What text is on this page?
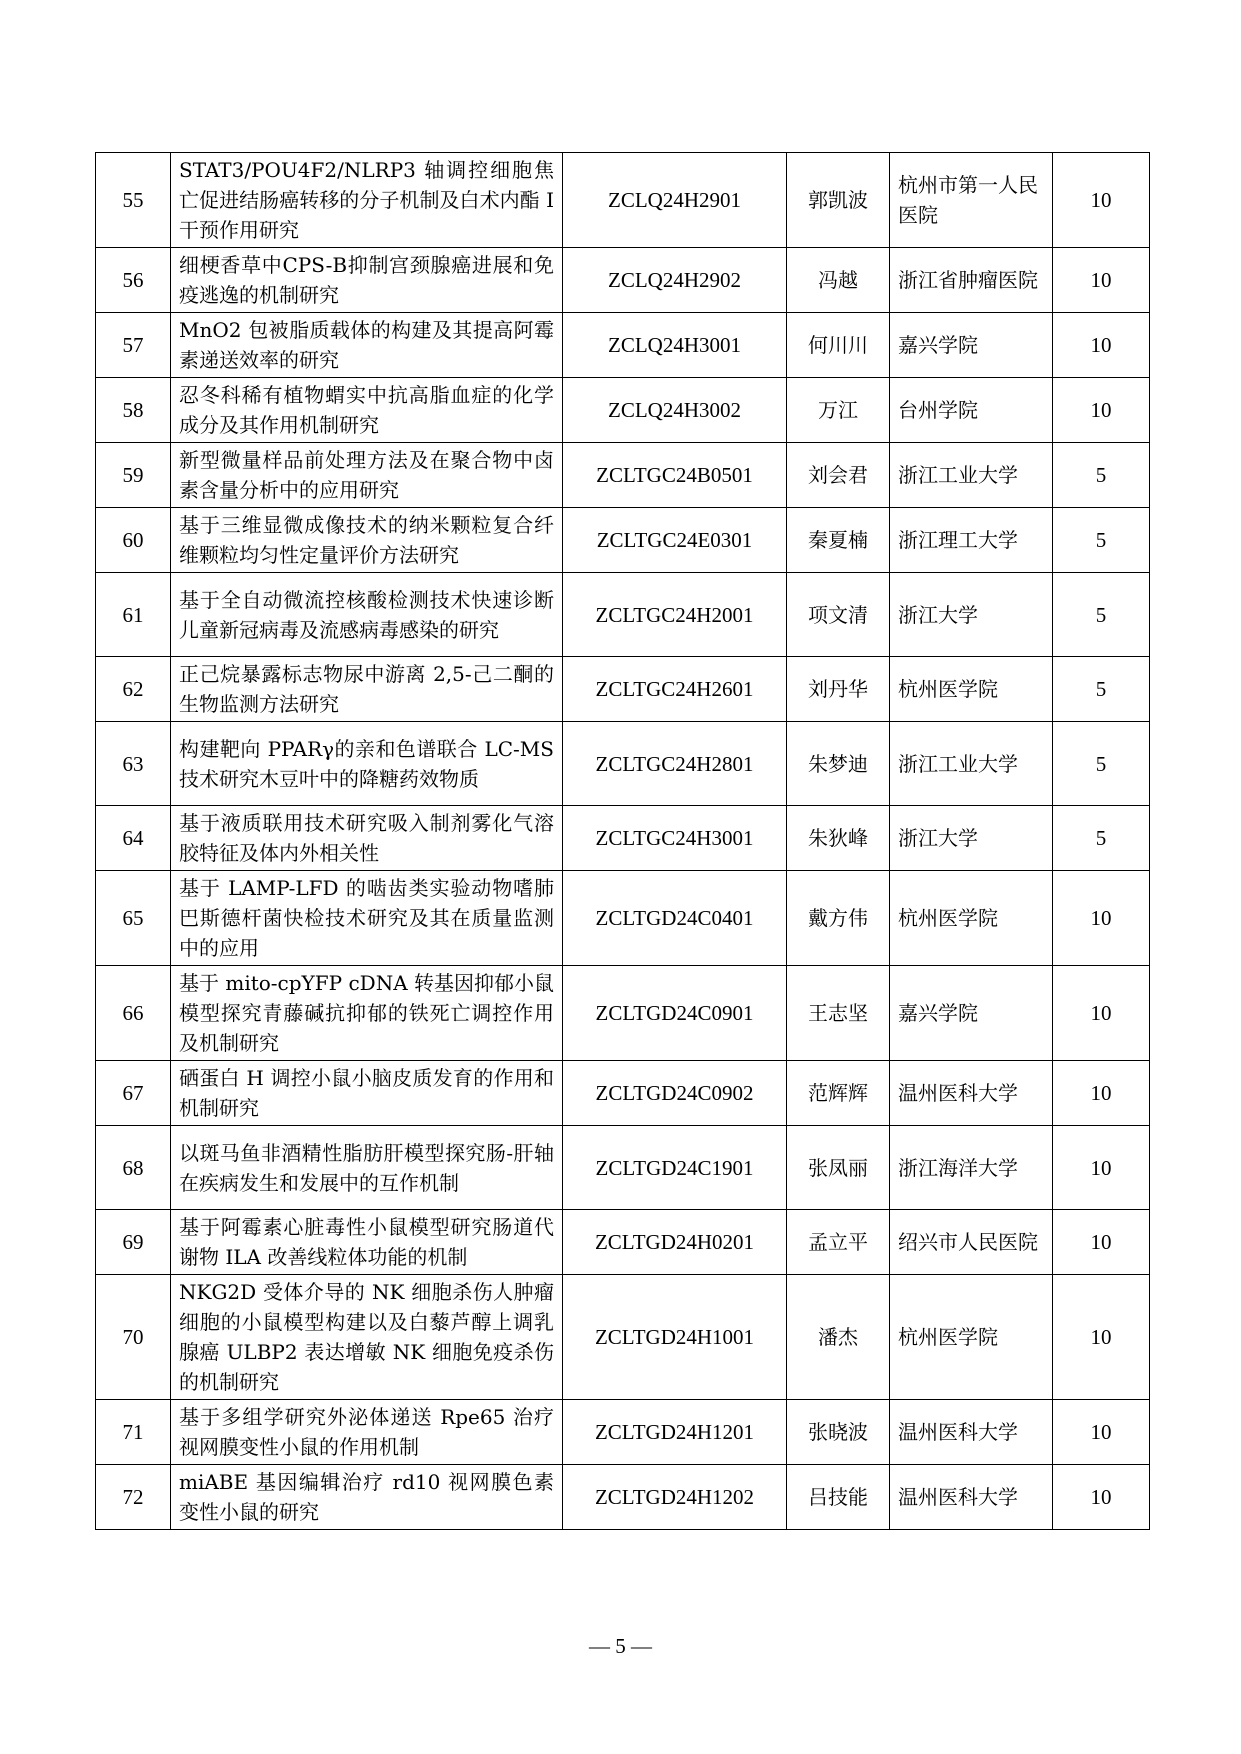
55	STAT3/POU4F2/NLRP3 轴调控细胞焦亡促进结肠癌转移的分子机制及白术内酯 I 干预作用研究	ZCLQ24H2901	郭凯波	杭州市第一人民医院	10
56	细梗香草中CPS-B抑制宫颈腺癌进展和免疫逃逸的机制研究	ZCLQ24H2902	冯越	浙江省肿瘤医院	10
57	MnO2 包被脂质载体的构建及其提高阿霉素递送效率的研究	ZCLQ24H3001	何川川	嘉兴学院	10
58	忍冬科稀有植物蝟实中抗高脂血症的化学成分及其作用机制研究	ZCLQ24H3002	万江	台州学院	10
59	新型微量样品前处理方法及在聚合物中卤素含量分析中的应用研究	ZCLTGC24B0501	刘会君	浙江工业大学	5
60	基于三维显微成像技术的纳米颗粒复合纤维颗粒均匀性定量评价方法研究	ZCLTGC24E0301	秦夏楠	浙江理工大学	5
61	基于全自动微流控核酸检测技术快速诊断儿童新冠病毒及流感病毒感染的研究	ZCLTGC24H2001	项文清	浙江大学	5
62	正己烷暴露标志物尿中游离 2,5-己二酮的生物监测方法研究	ZCLTGC24H2601	刘丹华	杭州医学院	5
63	构建靶向 PPARγ的亲和色谱联合 LC-MS 技术研究木豆叶中的降糖药效物质	ZCLTGC24H2801	朱梦迪	浙江工业大学	5
64	基于液质联用技术研究吸入制剂雾化气溶胶特征及体内外相关性	ZCLTGC24H3001	朱狄峰	浙江大学	5
65	基于 LAMP-LFD 的啮齿类实验动物嗜肺巴斯德杆菌快检技术研究及其在质量监测中的应用	ZCLTGD24C0401	戴方伟	杭州医学院	10
66	基于 mito-cpYFP cDNA 转基因抑郁小鼠模型探究青藤碱抗抑郁的铁死亡调控作用及机制研究	ZCLTGD24C0901	王志坚	嘉兴学院	10
67	硒蛋白 H 调控小鼠小脑皮质发育的作用和机制研究	ZCLTGD24C0902	范辉辉	温州医科大学	10
68	以斑马鱼非酒精性脂肪肝模型探究肠-肝轴在疾病发生和发展中的互作机制	ZCLTGD24C1901	张凤丽	浙江海洋大学	10
69	基于阿霉素心脏毒性小鼠模型研究肠道代谢物 ILA 改善线粒体功能的机制	ZCLTGD24H0201	孟立平	绍兴市人民医院	10
70	NKG2D 受体介导的 NK 细胞杀伤人肿瘤细胞的小鼠模型构建以及白藜芦醇上调乳腺癌 ULBP2 表达增敏 NK 细胞免疫杀伤的机制研究	ZCLTGD24H1001	潘杰	杭州医学院	10
71	基于多组学研究外泌体递送 Rpe65 治疗视网膜变性小鼠的作用机制	ZCLTGD24H1201	张晓波	温州医科大学	10
72	miABE 基因编辑治疗 rd10 视网膜色素变性小鼠的研究	ZCLTGD24H1202	吕技能	温州医科大学	10
— 5 —
